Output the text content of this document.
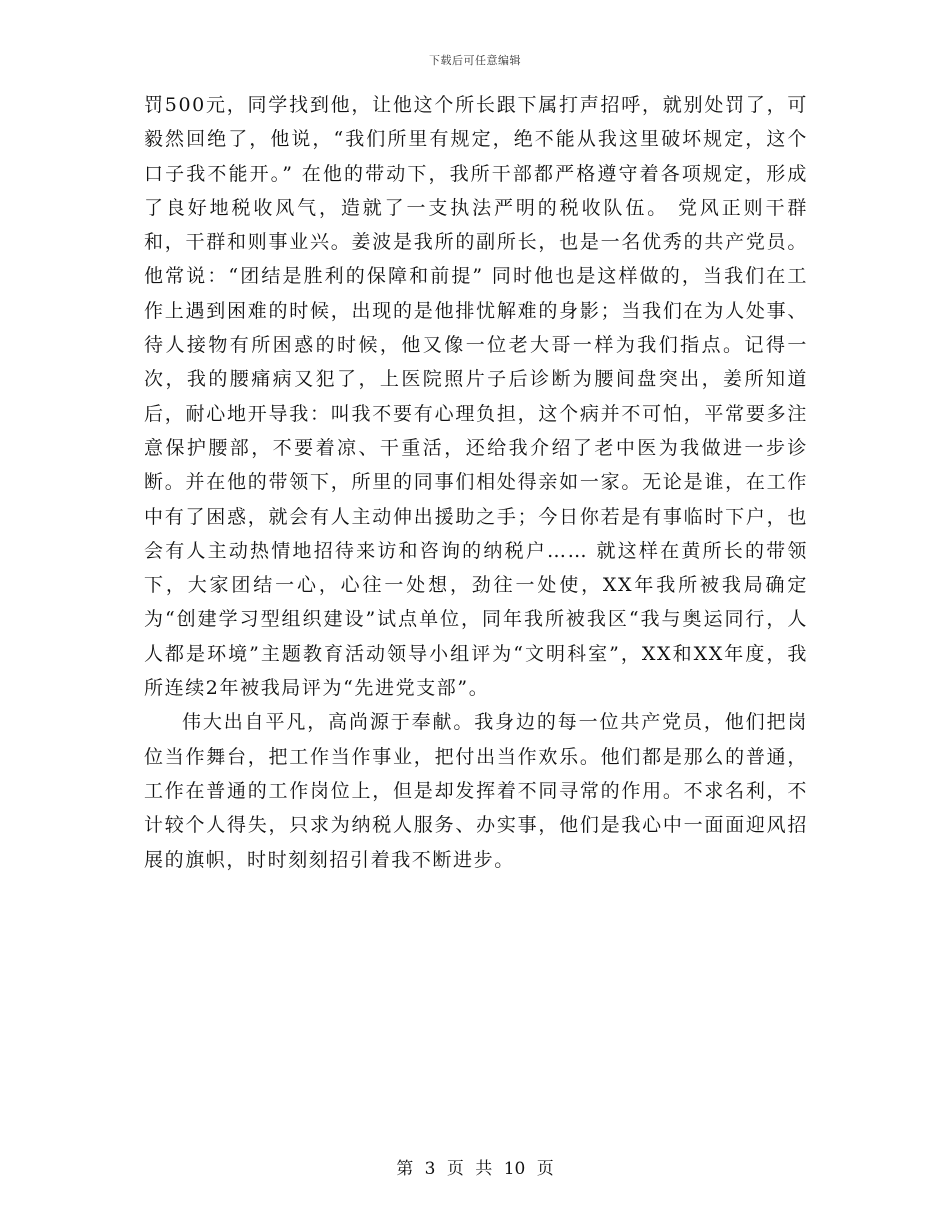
下载后可任意编辑

罚500元，同学找到他，让他这个所长跟下属打声招呼，就别处罚了，可毅然回绝了，他说，“我们所里有规定，绝不能从我这里破坏规定，这个口子我不能开。” 在他的带动下，我所干部都严格遵守着各项规定，形成了良好地税收风气，造就了一支执法严明的税收队伍。 党风正则干群和，干群和则事业兴。姜波是我所的副所长，也是一名优秀的共产党员。他常说：“团结是胜利的保障和前提” 同时他也是这样做的，当我们在工作上遇到困难的时候，出现的是他排忧解难的身影；当我们在为人处事、待人接物有所困惑的时候，他又像一位老大哥一样为我们指点。记得一次，我的腰痛病又犯了，上医院照片子后诊断为腰间盘突出，姜所知道后，耐心地开导我：叫我不要有心理负担，这个病并不可怕，平常要多注意保护腰部，不要着凉、干重活，还给我介绍了老中医为我做进一步诊断。并在他的带领下，所里的同事们相处得亲如一家。无论是谁，在工作中有了困惑，就会有人主动伸出援助之手；今日你若是有事临时下户，也会有人主动热情地招待来访和咨询的纳税户…… 就这样在黄所长的带领下，大家团结一心，心往一处想，劲往一处使，XX年我所被我局确定为“创建学习型组织建设”试点单位，同年我所被我区“我与奥运同行，人人都是环境”主题教育活动领导小组评为“文明科室”，XX和XX年度，我所连续2年被我局评为“先进党支部”。

伟大出自平凡，高尚源于奉献。我身边的每一位共产党员，他们把岗位当作舞台，把工作当作事业，把付出当作欢乐。他们都是那么的普通，工作在普通的工作岗位上，但是却发挥着不同寻常的作用。不求名利，不计较个人得失，只求为纳税人服务、办实事，他们是我心中一面面迎风招展的旗帜，时时刻刻招引着我不断进步。

第 3 页 共 10 页
